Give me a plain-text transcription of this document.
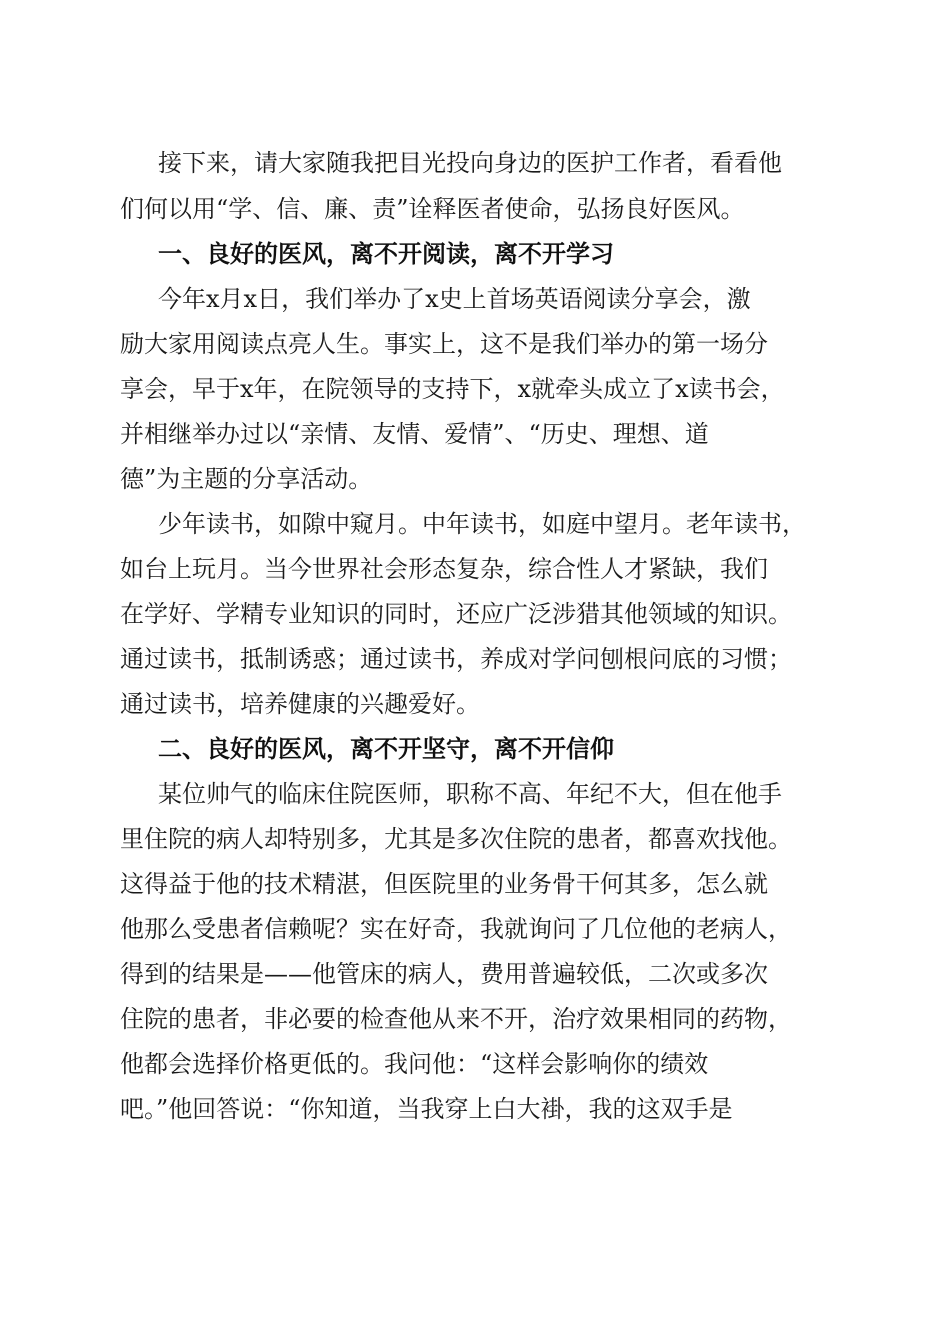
接下来，请大家随我把目光投向身边的医护工作者，看看他
们何以用“学、信、廉、责”诠释医者使命，弘扬良好医风。
一、良好的医风，离不开阅读，离不开学习
今年x月x日，我们举办了x史上首场英语阅读分享会，激
励大家用阅读点亮人生。事实上，这不是我们举办的第一场分
享会，早于x年，在院领导的支持下，x就牵头成立了x读书会，
并相继举办过以“亲情、友情、爱情”、“历史、理想、道
德”为主题的分享活动。
少年读书，如隙中窥月。中年读书，如庭中望月。老年读书，
如台上玩月。当今世界社会形态复杂，综合性人才紧缺，我们
在学好、学精专业知识的同时，还应广泛涉猎其他领域的知识。
通过读书，抵制诱惑；通过读书，养成对学问刨根问底的习惯；
通过读书，培养健康的兴趣爱好。
二、良好的医风，离不开坚守，离不开信仰
某位帅气的临床住院医师，职称不高、年纪不大，但在他手
里住院的病人却特别多，尤其是多次住院的患者，都喜欢找他。
这得益于他的技术精湛，但医院里的业务骨干何其多，怎么就
他那么受患者信赖呢？实在好奇，我就询问了几位他的老病人，
得到的结果是——他管床的病人，费用普遍较低，二次或多次
住院的患者，非必要的检查他从来不开，治疗效果相同的药物，
他都会选择价格更低的。我问他：“这样会影响你的绩效
吧。”他回答说：“你知道，当我穿上白大褂，我的这双手是
